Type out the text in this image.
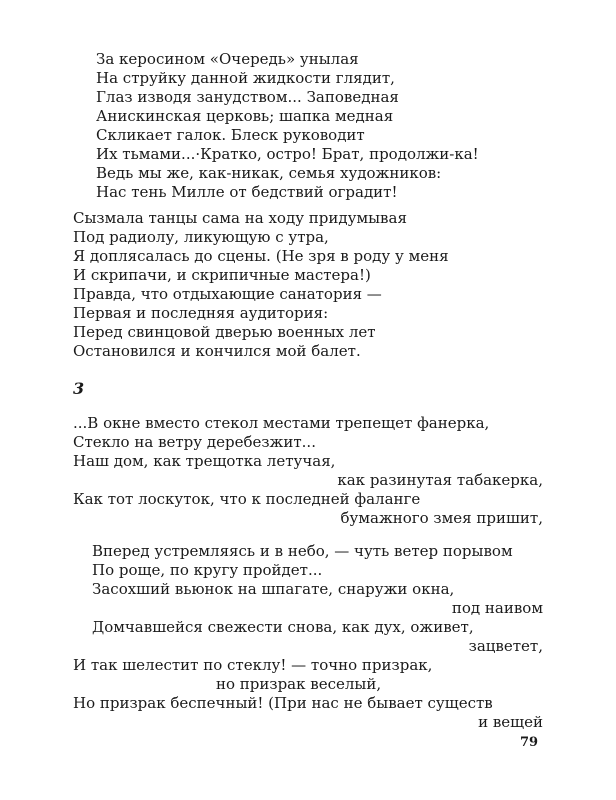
За керосином «Очередь» унылая
На струйку данной жидкости глядит,
Глаз изводя занудством... Заповедная
Анискинская церковь; шапка медная
Скликает галок. Блеск руководит
Их тьмами...·Кратко, остро! Брат, продолжи-ка!
Ведь мы же, как-никак, семья художников:
Нас тень Милле от бедствий оградит!
Сызмала танцы сама на ходу придумывая
Под радиолу, ликующую с утра,
Я доплясалась до сцены. (Не зря в роду у меня
И скрипачи, и скрипичные мастера!)
Правда, что отдыхающие санатория —
Первая и последняя аудитория:
Перед свинцовой дверью военных лет
Остановился и кончился мой балет.
3
...В окне вместо стекол местами трепещет фанерка,
Стекло на ветру деребезжит...
Наш дом, как трещотка летучая,
как разинутая табакерка,
Как тот лоскуток, что к последней фаланге
бумажного змея пришит,
Вперед устремляясь и в небо, — чуть ветер порывом
По роще, по кругу пройдет...
Засохший вьюнок на шпагате, снаружи окна,
под наивом
Домчавшейся свежести снова, как дух, оживет,
зацветет,
И так шелестит по стеклу! — точно призрак,
но призрак веселый,
Но призрак беспечный! (При нас не бывает существ
и вещей
79
